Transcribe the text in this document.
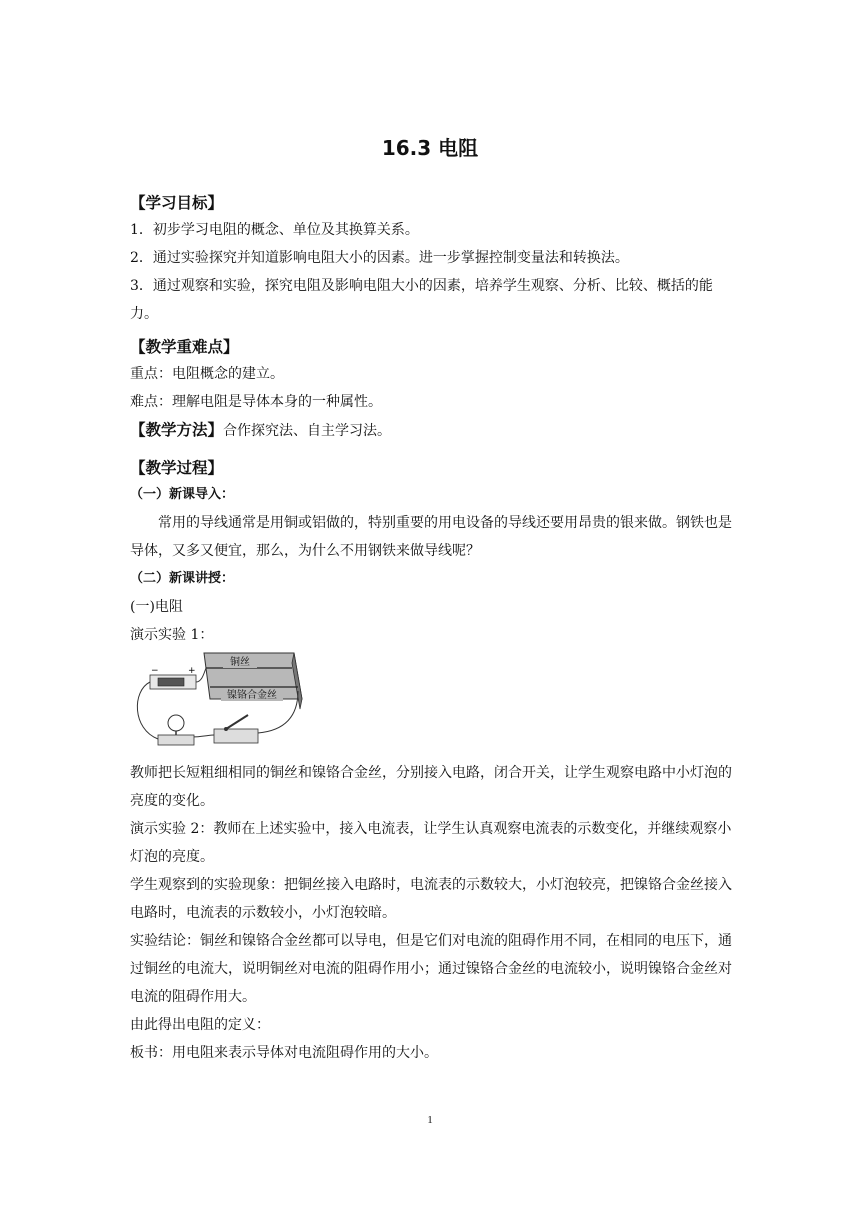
16.3 电阻

【学习目标】

1．初步学习电阻的概念、单位及其换算关系。

2．通过实验探究并知道影响电阻大小的因素。进一步掌握控制变量法和转换法。

3．通过观察和实验，探究电阻及影响电阻大小的因素，培养学生观察、分析、比较、概括的能力。

【教学重难点】

重点：电阻概念的建立。

难点：理解电阻是导体本身的一种属性。

【教学方法】合作探究法、自主学习法。

【教学过程】

（一）新课导入：

常用的导线通常是用铜或铝做的，特别重要的用电设备的导线还要用昂贵的银来做。钢铁也是导体，又多又便宜，那么，为什么不用钢铁来做导线呢？

（二）新课讲授：

(一)电阻

演示实验 1：

铜丝
镍铬合金丝
−	+

教师把长短粗细相同的铜丝和镍铬合金丝，分别接入电路，闭合开关，让学生观察电路中小灯泡的亮度的变化。

演示实验 2：教师在上述实验中，接入电流表，让学生认真观察电流表的示数变化，并继续观察小灯泡的亮度。

学生观察到的实验现象：把铜丝接入电路时，电流表的示数较大，小灯泡较亮，把镍铬合金丝接入电路时，电流表的示数较小，小灯泡较暗。

实验结论：铜丝和镍铬合金丝都可以导电，但是它们对电流的阻碍作用不同，在相同的电压下，通过铜丝的电流大，说明铜丝对电流的阻碍作用小；通过镍铬合金丝的电流较小，说明镍铬合金丝对电流的阻碍作用大。

由此得出电阻的定义：

板书：用电阻来表示导体对电流阻碍作用的大小。

1
